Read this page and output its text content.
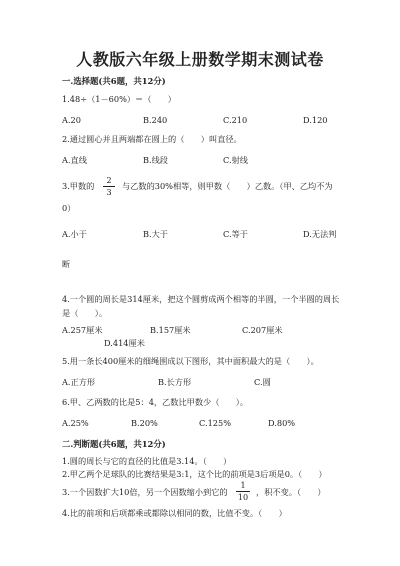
人教版六年级上册数学期末测试卷
一.选择题(共6题，共12分)
1.48÷（1－60%）＝（　　）
A.20	B.240	C.210	D.120
2.通过圆心并且两端都在圆上的（　　）叫直径。
A.直线	B.线段	C.射线
3.甲数的
2
3
与乙数的30%相等，则甲数（　　）乙数。（甲、乙均不为
0）
A.小于	B.大于	C.等于	D.无法判
断
4.一个圆的周长是314厘米，把这个圆剪成两个相等的半圆，一个半圆的周长
是（　　）。
A.257厘米	B.157厘米	C.207厘米
D.414厘米
5.用一条长400厘米的细绳围成以下图形，其中面积最大的是（　　）。
A.正方形	B.长方形	C.圆
6.甲、乙两数的比是5：4，乙数比甲数少（　　）。
A.25%	B.20%	C.125%	D.80%
二.判断题(共6题，共12分)
1.圆的周长与它的直径的比值是3.14。（　　）
2.甲乙两个足球队的比赛结果是3:1，这个比的前项是3后项是0。（　　）
3.一个因数扩大10倍，另一个因数缩小到它的
1
10
，积不变。（　　）
4.比的前项和后项都乘或都除以相同的数，比值不变。（　　）
